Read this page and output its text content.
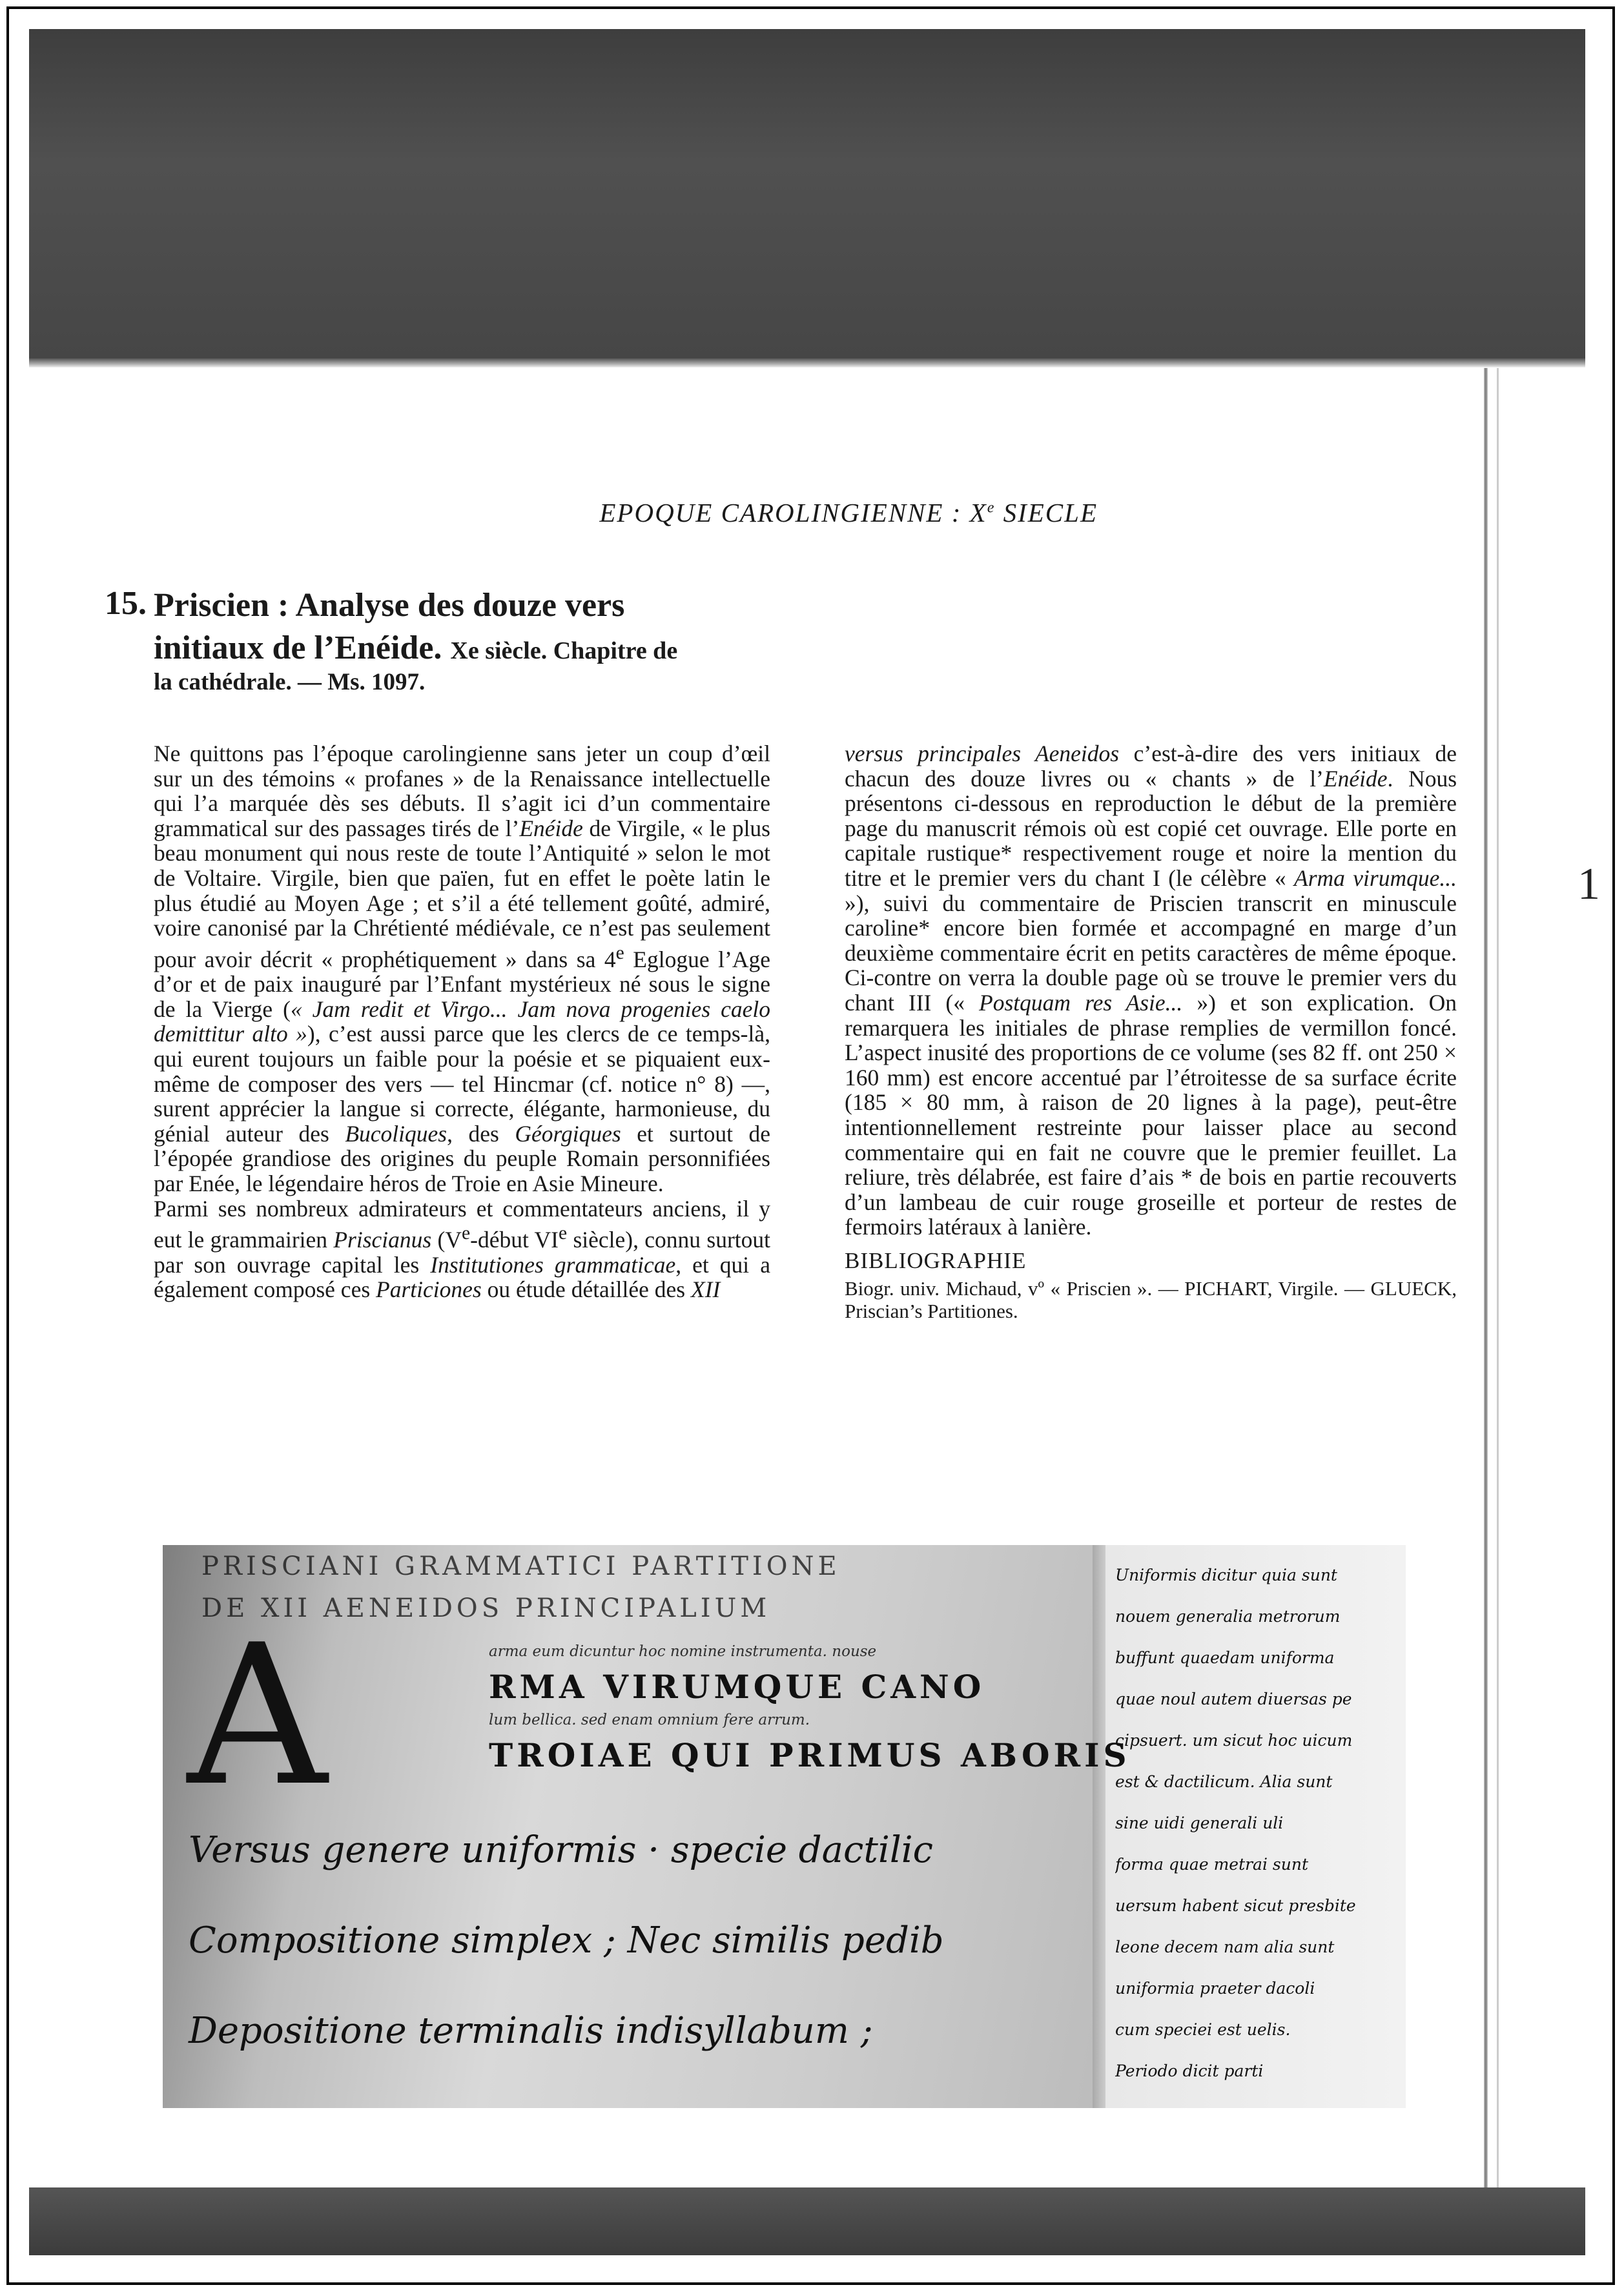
1
EPOQUE CAROLINGIENNE : Xe SIECLE
15. Priscien : Analyse des douze vers
initiaux de l’Enéide. Xe siècle. Chapitre de
la cathédrale. — Ms. 1097.

Ne quittons pas l’époque carolingienne sans jeter un coup d’œil sur un des témoins « profanes » de la Renaissance intellectuelle qui l’a marquée dès ses débuts. Il s’agit ici d’un commentaire grammatical sur des passages tirés de l’Enéide de Virgile, « le plus beau monument qui nous reste de toute l’Antiquité » selon le mot de Voltaire. Virgile, bien que païen, fut en effet le poète latin le plus étudié au Moyen Age ; et s’il a été tellement goûté, admiré, voire canonisé par la Chrétienté médiévale, ce n’est pas seulement pour avoir décrit « prophétiquement » dans sa 4e Eglogue l’Age d’or et de paix inauguré par l’Enfant mystérieux né sous le signe de la Vierge (« Jam redit et Virgo... Jam nova progenies caelo demittitur alto »), c’est aussi parce que les clercs de ce temps-là, qui eurent toujours un faible pour la poésie et se piquaient eux-même de composer des vers — tel Hincmar (cf. notice n° 8) —, surent apprécier la langue si correcte, élégante, harmonieuse, du génial auteur des Bucoliques, des Géorgiques et surtout de l’épopée grandiose des origines du peuple Romain personnifiées par Enée, le légendaire héros de Troie en Asie Mineure.

Parmi ses nombreux admirateurs et commentateurs anciens, il y eut le grammairien Priscianus (Ve-début VIe siècle), connu surtout par son ouvrage capital les Institutiones grammaticae, et qui a également composé ces Particiones ou étude détaillée des XII

versus principales Aeneidos c’est-à-dire des vers initiaux de chacun des douze livres ou « chants » de l’Enéide. Nous présentons ci-dessous en reproduction le début de la première page du manuscrit rémois où est copié cet ouvrage. Elle porte en capitale rustique* respectivement rouge et noire la mention du titre et le premier vers du chant I (le célèbre « Arma virumque... »), suivi du commentaire de Priscien transcrit en minuscule caroline* encore bien formée et accompagné en marge d’un deuxième commentaire écrit en petits caractères de même époque. Ci-contre on verra la double page où se trouve le premier vers du chant III (« Postquam res Asie... ») et son explication. On remarquera les initiales de phrase remplies de vermillon foncé. L’aspect inusité des proportions de ce volume (ses 82 ff. ont 250 × 160 mm) est encore accentué par l’étroitesse de sa surface écrite (185 × 80 mm, à raison de 20 lignes à la page), peut-être intentionnellement restreinte pour laisser place au second commentaire qui en fait ne couvre que le premier feuillet. La reliure, très délabrée, est faire d’ais * de bois en partie recouverts d’un lambeau de cuir rouge groseille et porteur de restes de fermoirs latéraux à lanière.

BIBLIOGRAPHIE

Biogr. univ. Michaud, vº « Priscien ». — PICHART, Virgile. — GLUECK, Priscian’s Partitiones.

PRISCIANI GRAMMATICI PARTITIONE
DE XII AENEIDOS PRINCIPALIUM
A	arma eum dicuntur hoc nomine instrumenta. nouse
RMA VIRUMQUE CANO
lum bellica. sed enam omnium fere arrum.
TROIAE QUI PRIMUS ABORIS
Versus genere uniformis · specie dactilic
Compositione simplex ; Nec similis pedib
Depositione terminalis indisyllabum ;
Uniformis dicitur quia sunt
nouem generalia metrorum
buffunt quaedam uniforma
quae noul autem diuersas pe
cipsuert. um sicut hoc uicum
est & dactilicum. Alia sunt
sine uidi generali uli
forma quae metrai sunt
uersum habent sicut presbite
leone decem nam alia sunt
uniformia praeter dacoli
cum speciei est uelis.
Periodo dicit parti
